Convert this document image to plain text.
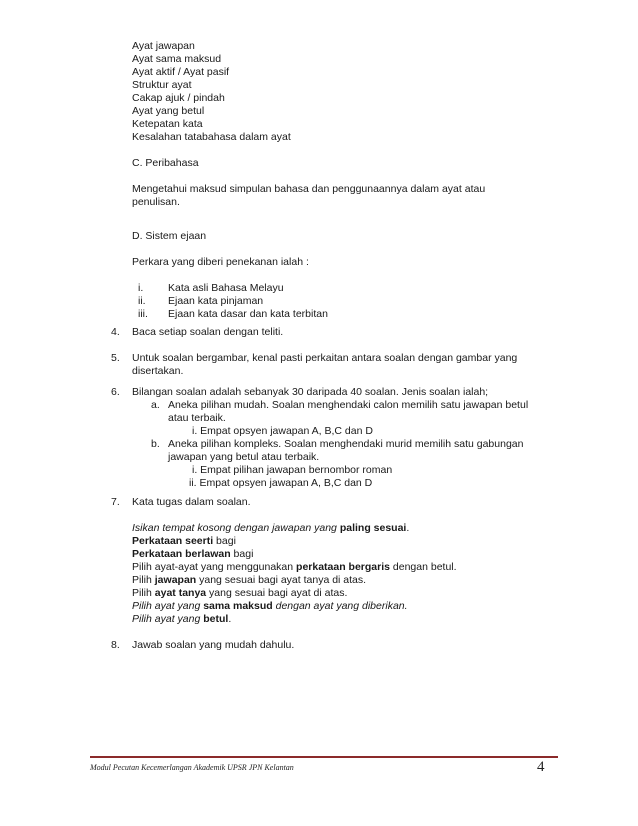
Ayat jawapan
Ayat sama maksud
Ayat aktif / Ayat pasif
Struktur ayat
Cakap ajuk / pindah
Ayat yang betul
Ketepatan kata
Kesalahan tatabahasa dalam ayat
C. Peribahasa
Mengetahui maksud simpulan bahasa dan penggunaannya dalam ayat atau
penulisan.
D. Sistem ejaan
Perkara yang diberi penekanan ialah :
i. Kata asli Bahasa Melayu
ii. Ejaan kata pinjaman
iii. Ejaan kata dasar dan kata terbitan
4. Baca setiap soalan dengan teliti.
5. Untuk soalan bergambar, kenal pasti perkaitan antara soalan dengan gambar yang
disertakan.
6. Bilangan soalan adalah sebanyak 30 daripada 40 soalan. Jenis soalan ialah;
a. Aneka pilihan mudah. Soalan menghendaki calon memilih satu jawapan betul
atau terbaik.
i. Empat opsyen jawapan A, B,C dan D
b. Aneka pilihan kompleks. Soalan menghendaki murid memilih satu gabungan
jawapan yang betul atau terbaik.
i. Empat pilihan jawapan bernombor roman
ii. Empat opsyen jawapan A, B,C dan D
7. Kata tugas dalam soalan.
Isikan tempat kosong dengan jawapan yang paling sesuai.
Perkataan seerti bagi
Perkataan berlawan bagi
Pilih ayat-ayat yang menggunakan perkataan bergaris dengan betul.
Pilih jawapan yang sesuai bagi ayat tanya di atas.
Pilih ayat tanya yang sesuai bagi ayat di atas.
Pilih ayat yang sama maksud dengan ayat yang diberikan.
Pilih ayat yang betul.
8. Jawab soalan yang mudah dahulu.
Modul Pecutan Kecemerlangan Akademik UPSR JPN Kelantan	4
